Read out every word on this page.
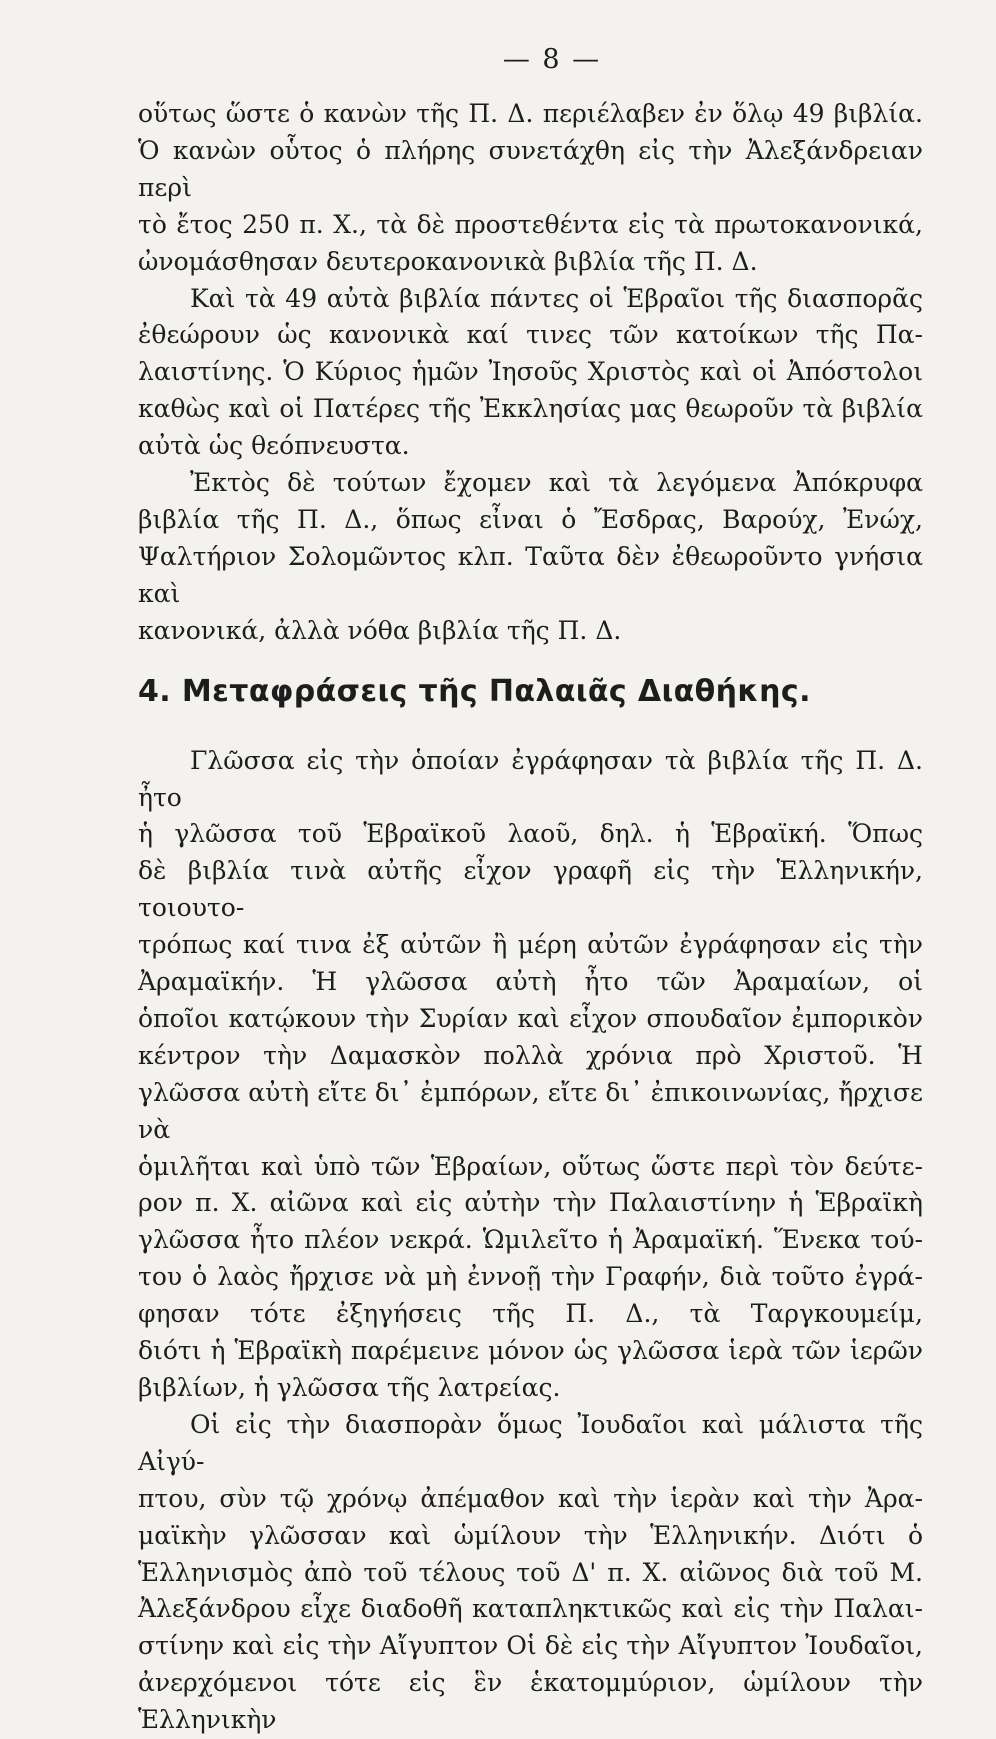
— 8 —

οὕτως ὥστε ὁ κανὼν τῆς Π. Δ. περιέλαβεν ἐν ὅλῳ 49 βιβλία.

Ὁ κανὼν οὗτος ὁ πλήρης συνετάχθη εἰς τὴν Ἀλεξάνδρειαν περὶ

τὸ ἔτος 250 π. Χ., τὰ δὲ προστεθέντα εἰς τὰ πρωτοκανονικά,

ὠνομάσθησαν δευτεροκανονικὰ βιβλία τῆς Π. Δ.

Καὶ τὰ 49 αὐτὰ βιβλία πάντες οἱ Ἑβραῖοι τῆς διασπορᾶς

ἐθεώρουν ὡς κανονικὰ καί τινες τῶν κατοίκων τῆς Πα-

λαιστίνης. Ὁ Κύριος ἡμῶν Ἰησοῦς Χριστὸς καὶ οἱ Ἀπόστολοι

καθὼς καὶ οἱ Πατέρες τῆς Ἐκκλησίας μας θεωροῦν τὰ βιβλία

αὐτὰ ὡς θεόπνευστα.

Ἐκτὸς δὲ τούτων ἔχομεν καὶ τὰ λεγόμενα Ἀπόκρυφα

βιβλία τῆς Π. Δ., ὅπως εἶναι ὁ Ἔσδρας, Βαρούχ, Ἐνώχ,

Ψαλτήριον Σολομῶντος κλπ. Ταῦτα δὲν ἐθεωροῦντο γνήσια καὶ

κανονικά, ἀλλὰ νόθα βιβλία τῆς Π. Δ.

4. Μεταφράσεις τῆς Παλαιᾶς Διαθήκης.

Γλῶσσα εἰς τὴν ὁποίαν ἐγράφησαν τὰ βιβλία τῆς Π. Δ. ἦτο

ἡ γλῶσσα τοῦ Ἑβραϊκοῦ λαοῦ, δηλ. ἡ Ἑβραϊκή. Ὅπως

δὲ βιβλία τινὰ αὐτῆς εἶχον γραφῆ εἰς τὴν Ἑλληνικήν, τοιουτο-

τρόπως καί τινα ἐξ αὐτῶν ἢ μέρη αὐτῶν ἐγράφησαν εἰς τὴν

Ἀραμαϊκήν. Ἡ γλῶσσα αὐτὴ ἦτο τῶν Ἀραμαίων, οἱ

ὁποῖοι κατῴκουν τὴν Συρίαν καὶ εἶχον σπουδαῖον ἐμπορικὸν

κέντρον τὴν Δαμασκὸν πολλὰ χρόνια πρὸ Χριστοῦ. Ἡ

γλῶσσα αὐτὴ εἴτε δι᾿ ἐμπόρων, εἴτε δι᾿ ἐπικοινωνίας, ἤρχισε νὰ

ὁμιλῆται καὶ ὑπὸ τῶν Ἑβραίων, οὕτως ὥστε περὶ τὸν δεύτε-

ρον π. Χ. αἰῶνα καὶ εἰς αὐτὴν τὴν Παλαιστίνην ἡ Ἑβραϊκὴ

γλῶσσα ἦτο πλέον νεκρά. Ὡμιλεῖτο ἡ Ἀραμαϊκή. Ἕνεκα τού-

του ὁ λαὸς ἤρχισε νὰ μὴ ἐννοῇ τὴν Γραφήν, διὰ τοῦτο ἐγρά-

φησαν τότε ἐξηγήσεις τῆς Π. Δ., τὰ Ταργκουμείμ,

διότι ἡ Ἑβραϊκὴ παρέμεινε μόνον ὡς γλῶσσα ἱερὰ τῶν ἱερῶν

βιβλίων, ἡ γλῶσσα τῆς λατρείας.

Οἱ εἰς τὴν διασπορὰν ὅμως Ἰουδαῖοι καὶ μάλιστα τῆς Αἰγύ-

πτου, σὺν τῷ χρόνῳ ἀπέμαθον καὶ τὴν ἱερὰν καὶ τὴν Ἀρα-

μαϊκὴν γλῶσσαν καὶ ὡμίλουν τὴν Ἑλληνικήν. Διότι ὁ

Ἑλληνισμὸς ἀπὸ τοῦ τέλους τοῦ Δ' π. Χ. αἰῶνος διὰ τοῦ Μ.

Ἀλεξάνδρου εἶχε διαδοθῆ καταπληκτικῶς καὶ εἰς τὴν Παλαι-

στίνην καὶ εἰς τὴν Αἴγυπτον Οἱ δὲ εἰς τὴν Αἴγυπτον Ἰουδαῖοι,

ἀνερχόμενοι τότε εἰς ἓν ἑκατομμύριον, ὡμίλουν τὴν Ἑλληνικὴν
